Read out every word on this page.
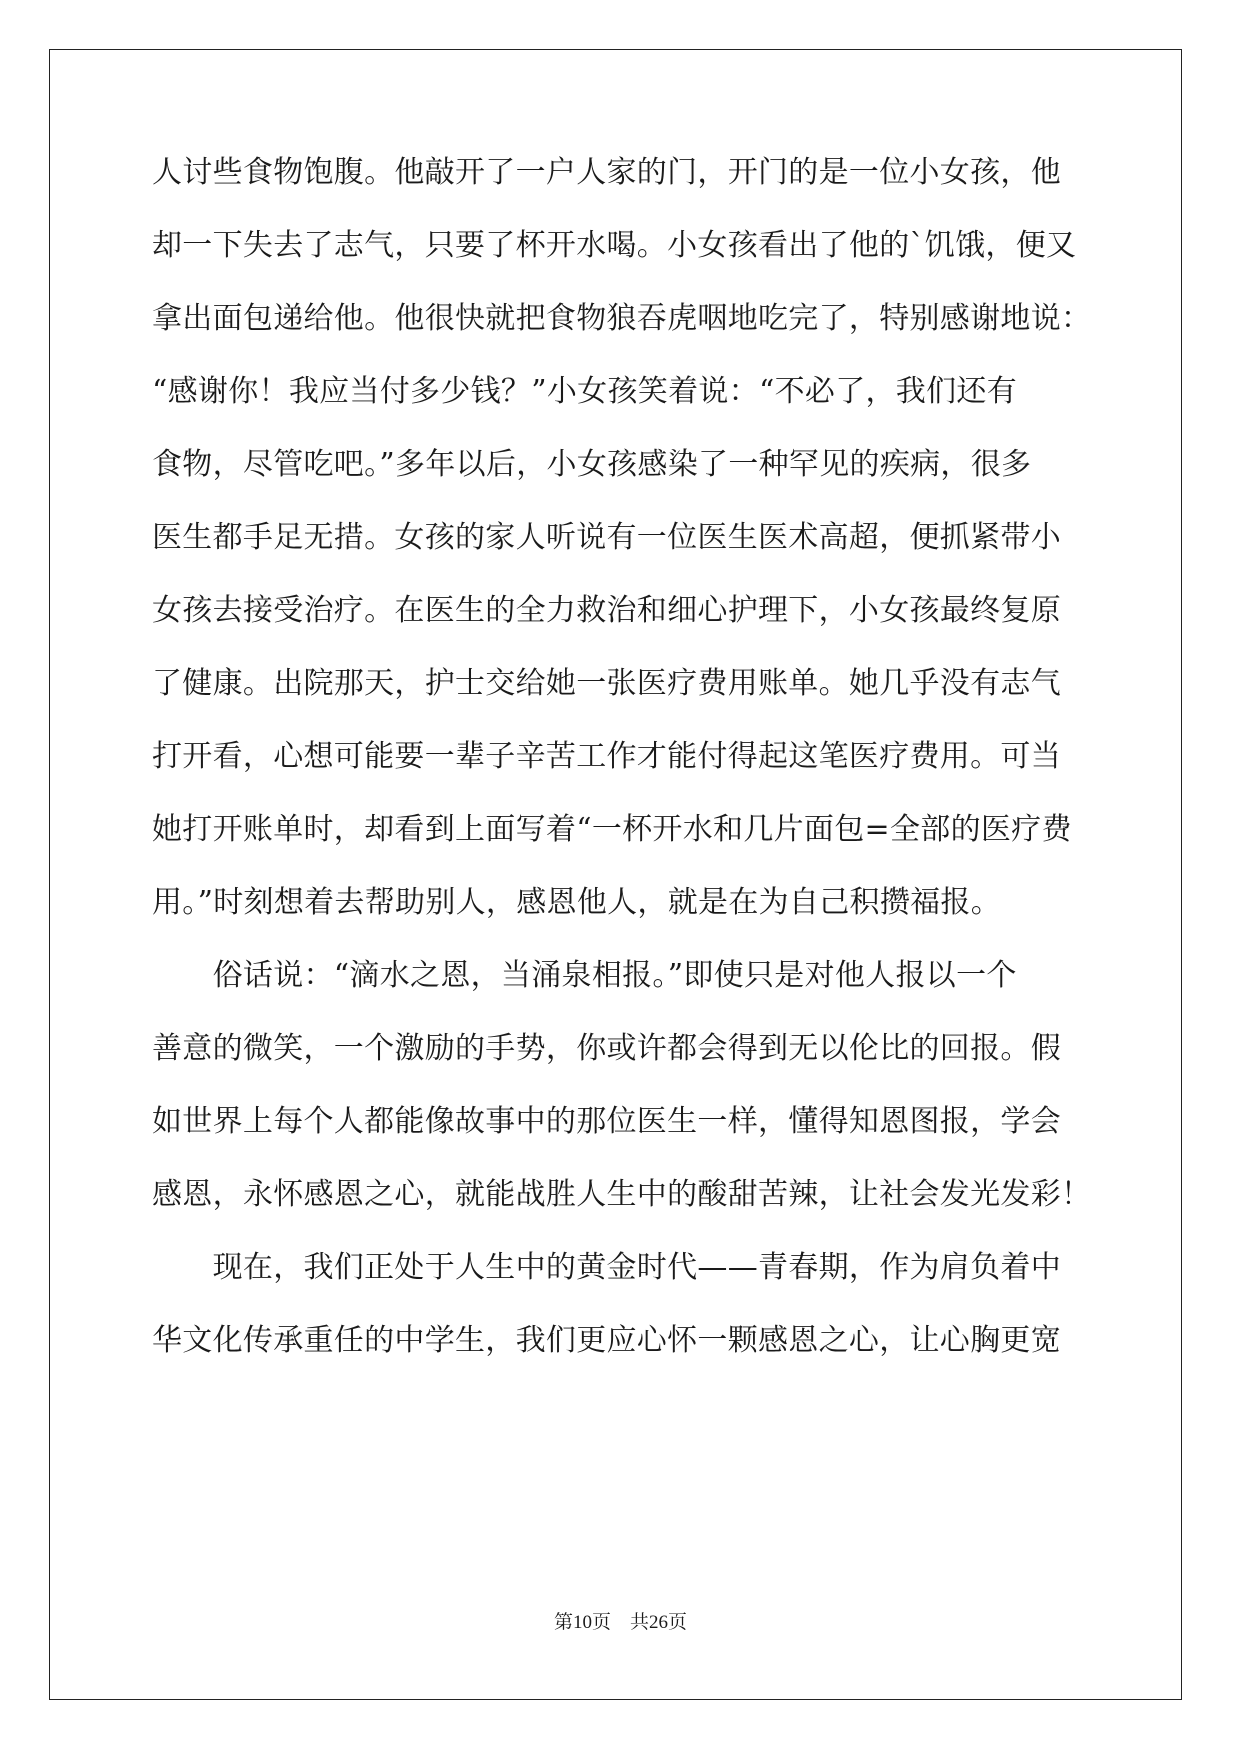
人讨些食物饱腹。他敲开了一户人家的门，开门的是一位小女孩，他
却一下失去了志气，只要了杯开水喝。小女孩看出了他的`饥饿，便又
拿出面包递给他。他很快就把食物狼吞虎咽地吃完了，特别感谢地说：
“感谢你！我应当付多少钱？”小女孩笑着说：“不必了，我们还有
食物，尽管吃吧。”多年以后，小女孩感染了一种罕见的疾病，很多
医生都手足无措。女孩的家人听说有一位医生医术高超，便抓紧带小
女孩去接受治疗。在医生的全力救治和细心护理下，小女孩最终复原
了健康。出院那天，护士交给她一张医疗费用账单。她几乎没有志气
打开看，心想可能要一辈子辛苦工作才能付得起这笔医疗费用。可当
她打开账单时，却看到上面写着“一杯开水和几片面包=全部的医疗费
用。”时刻想着去帮助别人，感恩他人，就是在为自己积攒福报。
　　俗话说：“滴水之恩，当涌泉相报。”即使只是对他人报以一个
善意的微笑，一个激励的手势，你或许都会得到无以伦比的回报。假
如世界上每个人都能像故事中的那位医生一样，懂得知恩图报，学会
感恩，永怀感恩之心，就能战胜人生中的酸甜苦辣，让社会发光发彩！
　　现在，我们正处于人生中的黄金时代——青春期，作为肩负着中
华文化传承重任的中学生，我们更应心怀一颗感恩之心，让心胸更宽
第10页　共26页
